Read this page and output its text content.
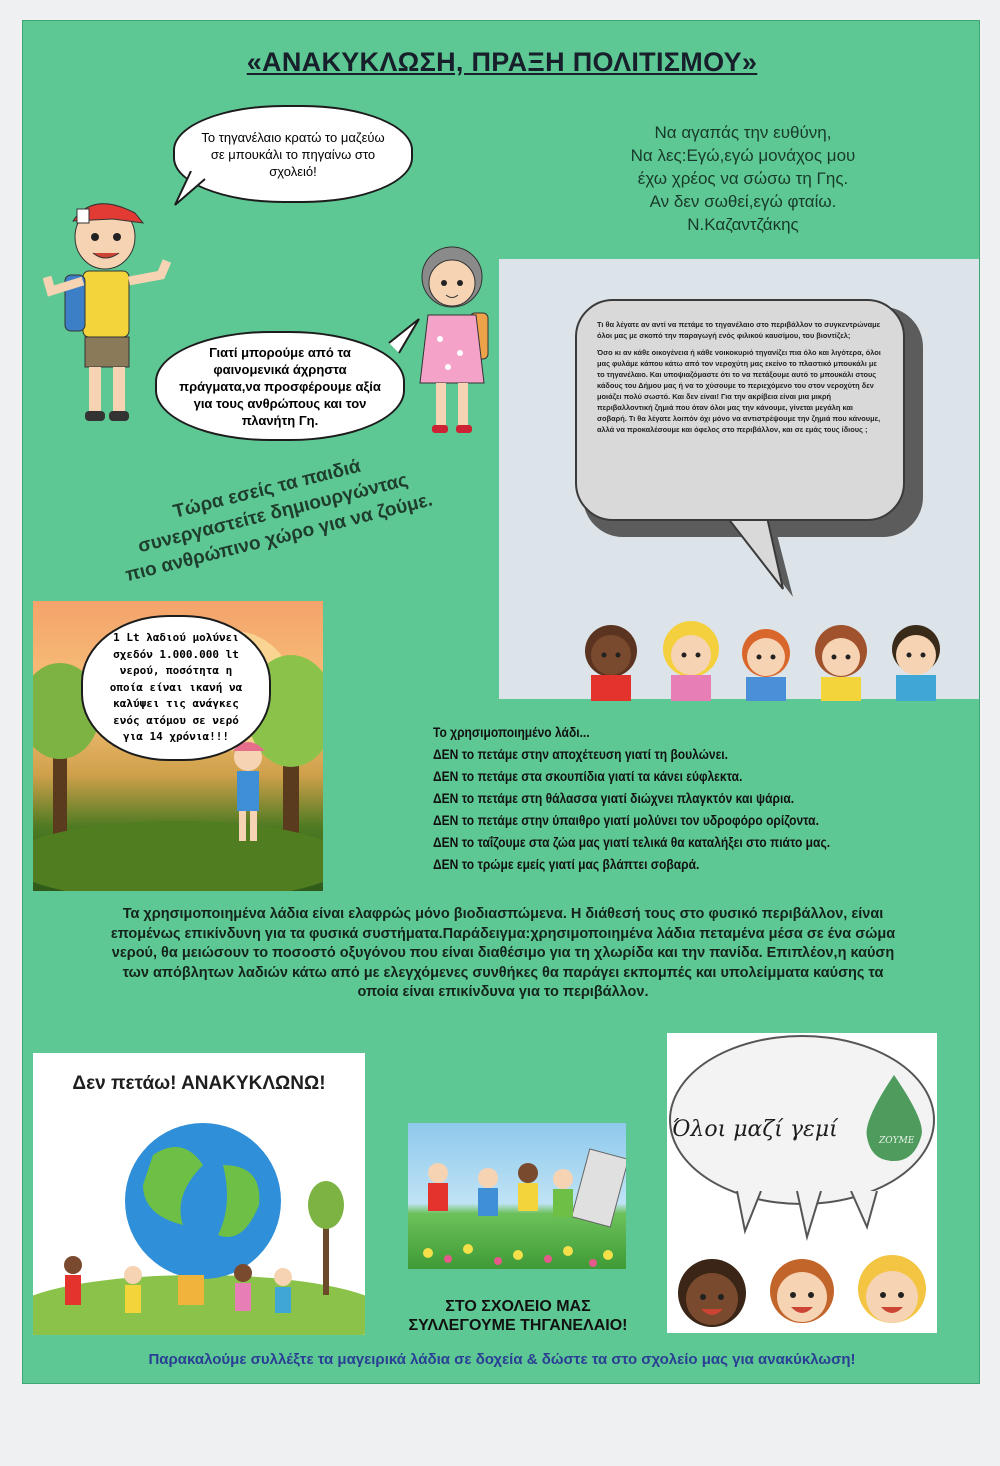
«ΑΝΑΚΥΚΛΩΣΗ, ΠΡΑΞΗ ΠΟΛΙΤΙΣΜΟΥ»
Το τηγανέλαιο κρατώ το μαζεύω σε μπουκάλι το πηγαίνω στο σχολειό!
Γιατί μπορούμε από τα φαινομενικά άχρηστα πράγματα,να προσφέρουμε αξία για τους ανθρώπους και τον πλανήτη Γη.
Να αγαπάς την ευθύνη,
Να λες:Εγώ,εγώ μονάχος μου
έχω χρέος να σώσω τη Γης.
Αν δεν σωθεί,εγώ φταίω.
Ν.Καζαντζάκης
Τώρα εσείς τα παιδιά
συνεργαστείτε δημιουργώντας
πιο ανθρώπινο χώρο για να ζούμε.

Τι θα λέγατε αν αντί να πετάμε το τηγανέλαιο στο περιβάλλον το συγκεντρώναμε όλοι μας με σκοπό την παραγωγή ενός φιλικού καυσίμου, του βιοντίζελ;

Όσο κι αν κάθε οικογένεια ή κάθε νοικοκυριό τηγανίζει πια όλο και λιγότερα, όλοι μας φυλάμε κάπου κάτω από τον νεροχύτη μας εκείνο το πλαστικό μπουκάλι με το τηγανέλαιο. Και υποψιαζόμαστε ότι το να πετάξουμε αυτό το μπουκάλι στους κάδους του Δήμου μας ή να το χύσουμε το περιεχόμενο του στον νεροχύτη δεν μοιάζει πολύ σωστό. Και δεν είναι! Για την ακρίβεια είναι μια μικρή περιβαλλοντική ζημιά που όταν όλοι μας την κάνουμε, γίνεται μεγάλη και σοβαρή. Τι θα λέγατε λοιπόν όχι μόνο να αντιστρέψουμε την ζημιά που κάνουμε, αλλά να προκαλέσουμε και όφελος στο περιβάλλον, και σε εμάς τους ίδιους ;

1 Lt λαδιού μολύνει σχεδόν 1.000.000 lt νερού, ποσότητα η οποία είναι ικανή να καλύψει τις ανάγκες ενός ατόμου σε νερό για 14 χρόνια!!!	Το χρησιμοποιημένο λάδι...
ΔΕΝ το πετάμε στην αποχέτευση γιατί τη βουλώνει.
ΔΕΝ το πετάμε στα σκουπίδια γιατί τα κάνει εύφλεκτα.
ΔΕΝ το πετάμε στη θάλασσα γιατί διώχνει πλαγκτόν και ψάρια.
ΔΕΝ το πετάμε στην ύπαιθρο γιατί μολύνει τον υδροφόρο ορίζοντα.
ΔΕΝ το ταΐζουμε στα ζώα μας γιατί τελικά θα καταλήξει στο πιάτο μας.
ΔΕΝ το τρώμε εμείς γιατί μας βλάπτει σοβαρά.
Τα χρησιμοποιημένα λάδια είναι ελαφρώς μόνο βιοδιασπώμενα. Η διάθεσή τους στο φυσικό περιβάλλον, είναι επομένως επικίνδυνη για τα φυσικά συστήματα.Παράδειγμα:χρησιμοποιημένα λάδια πεταμένα μέσα σε ένα σώμα νερού, θα μειώσουν το ποσοστό οξυγόνου που είναι διαθέσιμο για τη χλωρίδα και την πανίδα. Επιπλέον,η καύση των απόβλητων λαδιών κάτω από με ελεγχόμενες συνθήκες θα παράγει εκπομπές και υπολείμματα καύσης τα οποία είναι επικίνδυνα για το περιβάλλον.
Δεν πετάω! ΑΝΑΚΥΚΛΩΝΩ!
ΣΤΟ ΣΧΟΛΕΙΟ ΜΑΣ
ΣΥΛΛΕΓΟΥΜΕ ΤΗΓΑΝΕΛΑΙΟ!
ΖΟΥΜΕ
Όλοι μαζί γεμί
Παρακαλούμε συλλέξτε τα μαγειρικά λάδια σε δοχεία & δώστε τα στο σχολείο μας για ανακύκλωση!
